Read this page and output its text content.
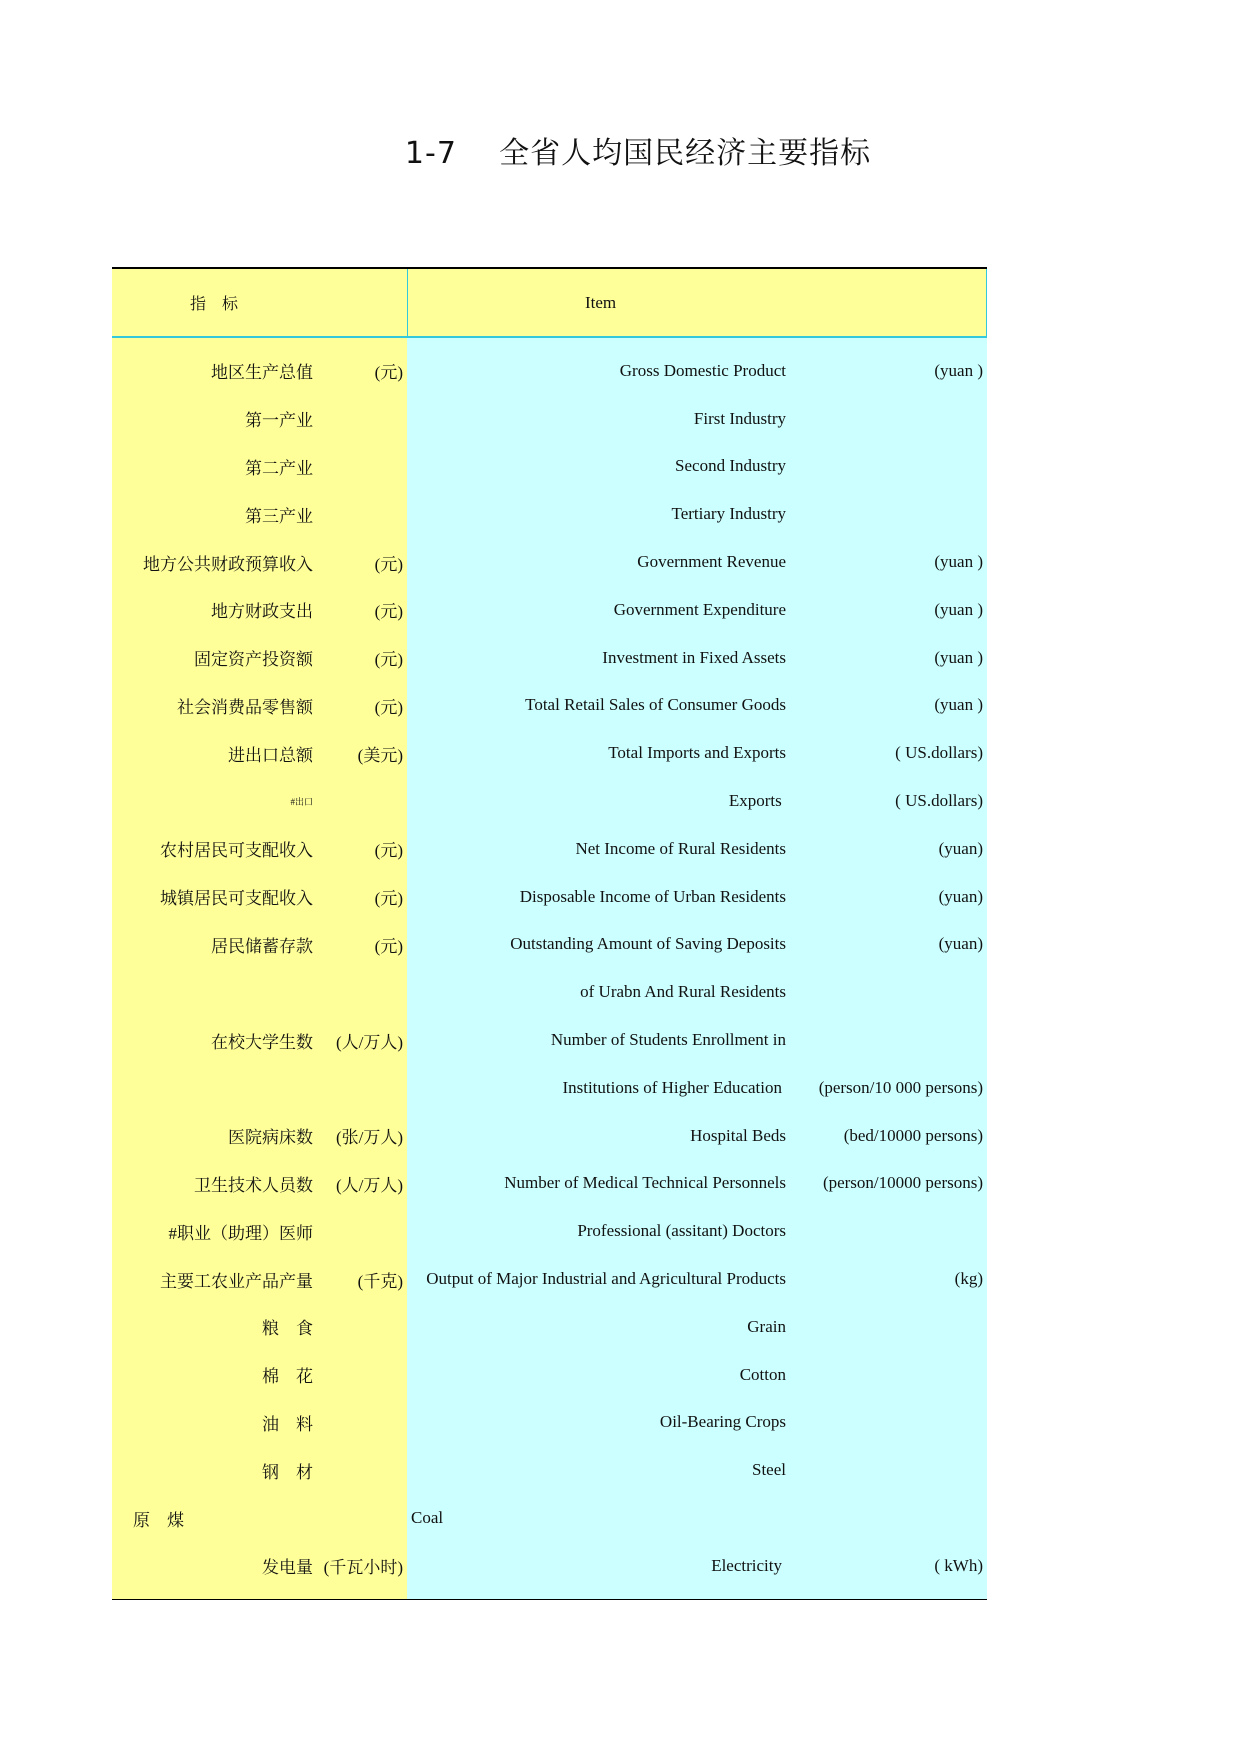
1-7    全省人均国民经济主要指标
指标	Item
地区生产总值	(元)	Gross Domestic Product	(yuan )
第一产业	First Industry
第二产业	Second Industry
第三产业	Tertiary Industry
地方公共财政预算收入	(元)	Government Revenue	(yuan )
地方财政支出	(元)	Government Expenditure	(yuan )
固定资产投资额	(元)	Investment in Fixed Assets	(yuan )
社会消费品零售额	(元)	Total Retail Sales of Consumer Goods	(yuan )
进出口总额	(美元)	Total Imports and Exports	( US.dollars)
#出口	Exports	( US.dollars)
农村居民可支配收入	(元)	Net Income of Rural Residents	(yuan)
城镇居民可支配收入	(元)	Disposable Income of Urban Residents	(yuan)
居民储蓄存款	(元)	Outstanding Amount of Saving Deposits	(yuan)
of Urabn And Rural Residents
在校大学生数 (人/万人)	Number of Students Enrollment in
Institutions of Higher Education (person/10 000 persons)
医院病床数 (张/万人)	Hospital Beds	(bed/10000 persons)
卫生技术人员数 (人/万人)	Number of Medical Technical Personnels (person/10000 persons)
#职业（助理）医师	Professional (assitant) Doctors
主要工农业产品产量	(千克)	Output of Major Industrial and Agricultural Products	(kg)
粮    食	Grain
棉    花	Cotton
油    料	Oil-Bearing Crops
钢    材	Steel
原    煤	Coal
发电量 (千瓦小时)	Electricity	( kWh)
